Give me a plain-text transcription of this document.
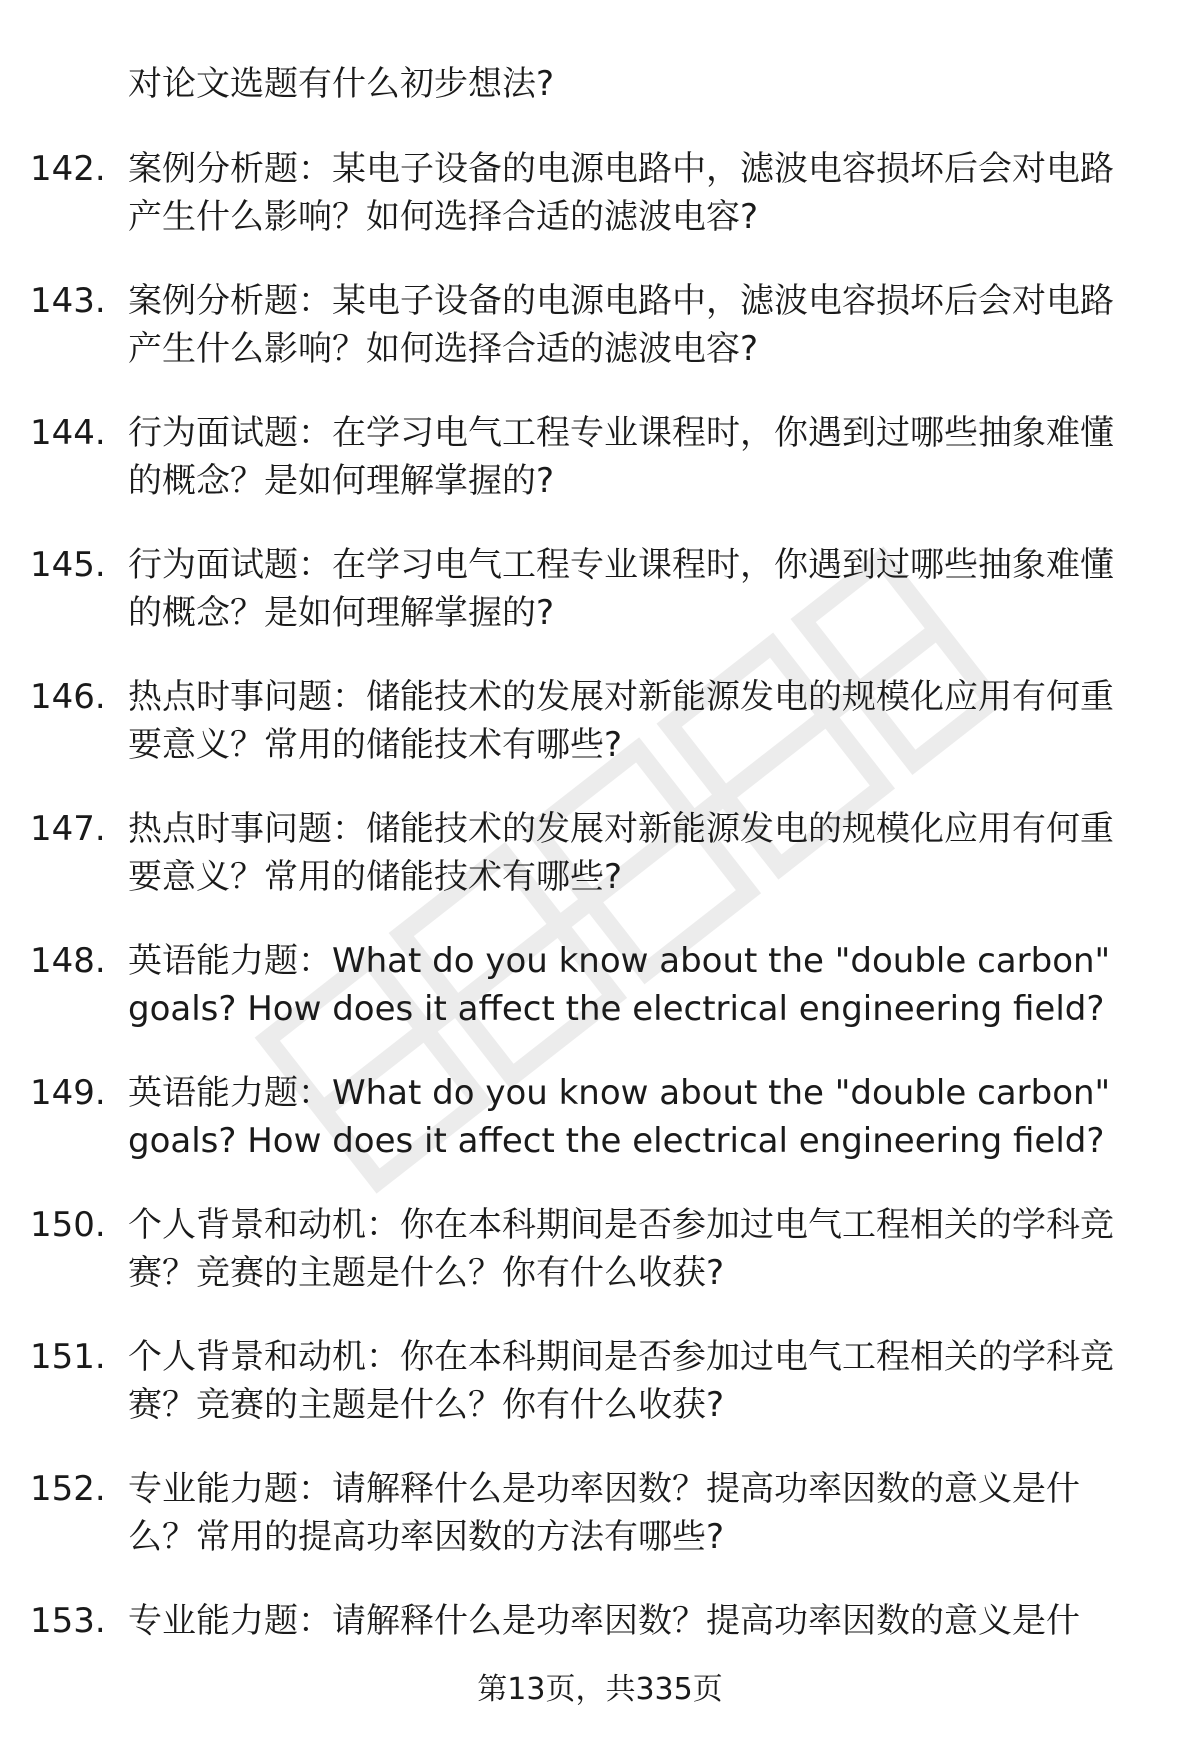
对论文选题有什么初步想法?

142. 案例分析题：某电子设备的电源电路中，滤波电容损坏后会对电路产生什么影响？如何选择合适的滤波电容?

143. 案例分析题：某电子设备的电源电路中，滤波电容损坏后会对电路产生什么影响？如何选择合适的滤波电容?

144. 行为面试题：在学习电气工程专业课程时，你遇到过哪些抽象难懂的概念？是如何理解掌握的?

145. 行为面试题：在学习电气工程专业课程时，你遇到过哪些抽象难懂的概念？是如何理解掌握的?

146. 热点时事问题：储能技术的发展对新能源发电的规模化应用有何重要意义？常用的储能技术有哪些?

147. 热点时事问题：储能技术的发展对新能源发电的规模化应用有何重要意义？常用的储能技术有哪些?

148. 英语能力题：What do you know about the "double carbon" goals? How does it affect the electrical engineering field?

149. 英语能力题：What do you know about the "double carbon" goals? How does it affect the electrical engineering field?

150. 个人背景和动机：你在本科期间是否参加过电气工程相关的学科竞赛？竞赛的主题是什么？你有什么收获?

151. 个人背景和动机：你在本科期间是否参加过电气工程相关的学科竞赛？竞赛的主题是什么？你有什么收获?

152. 专业能力题：请解释什么是功率因数？提高功率因数的意义是什么？常用的提高功率因数的方法有哪些?

153. 专业能力题：请解释什么是功率因数？提高功率因数的意义是什

第13页，共335页
